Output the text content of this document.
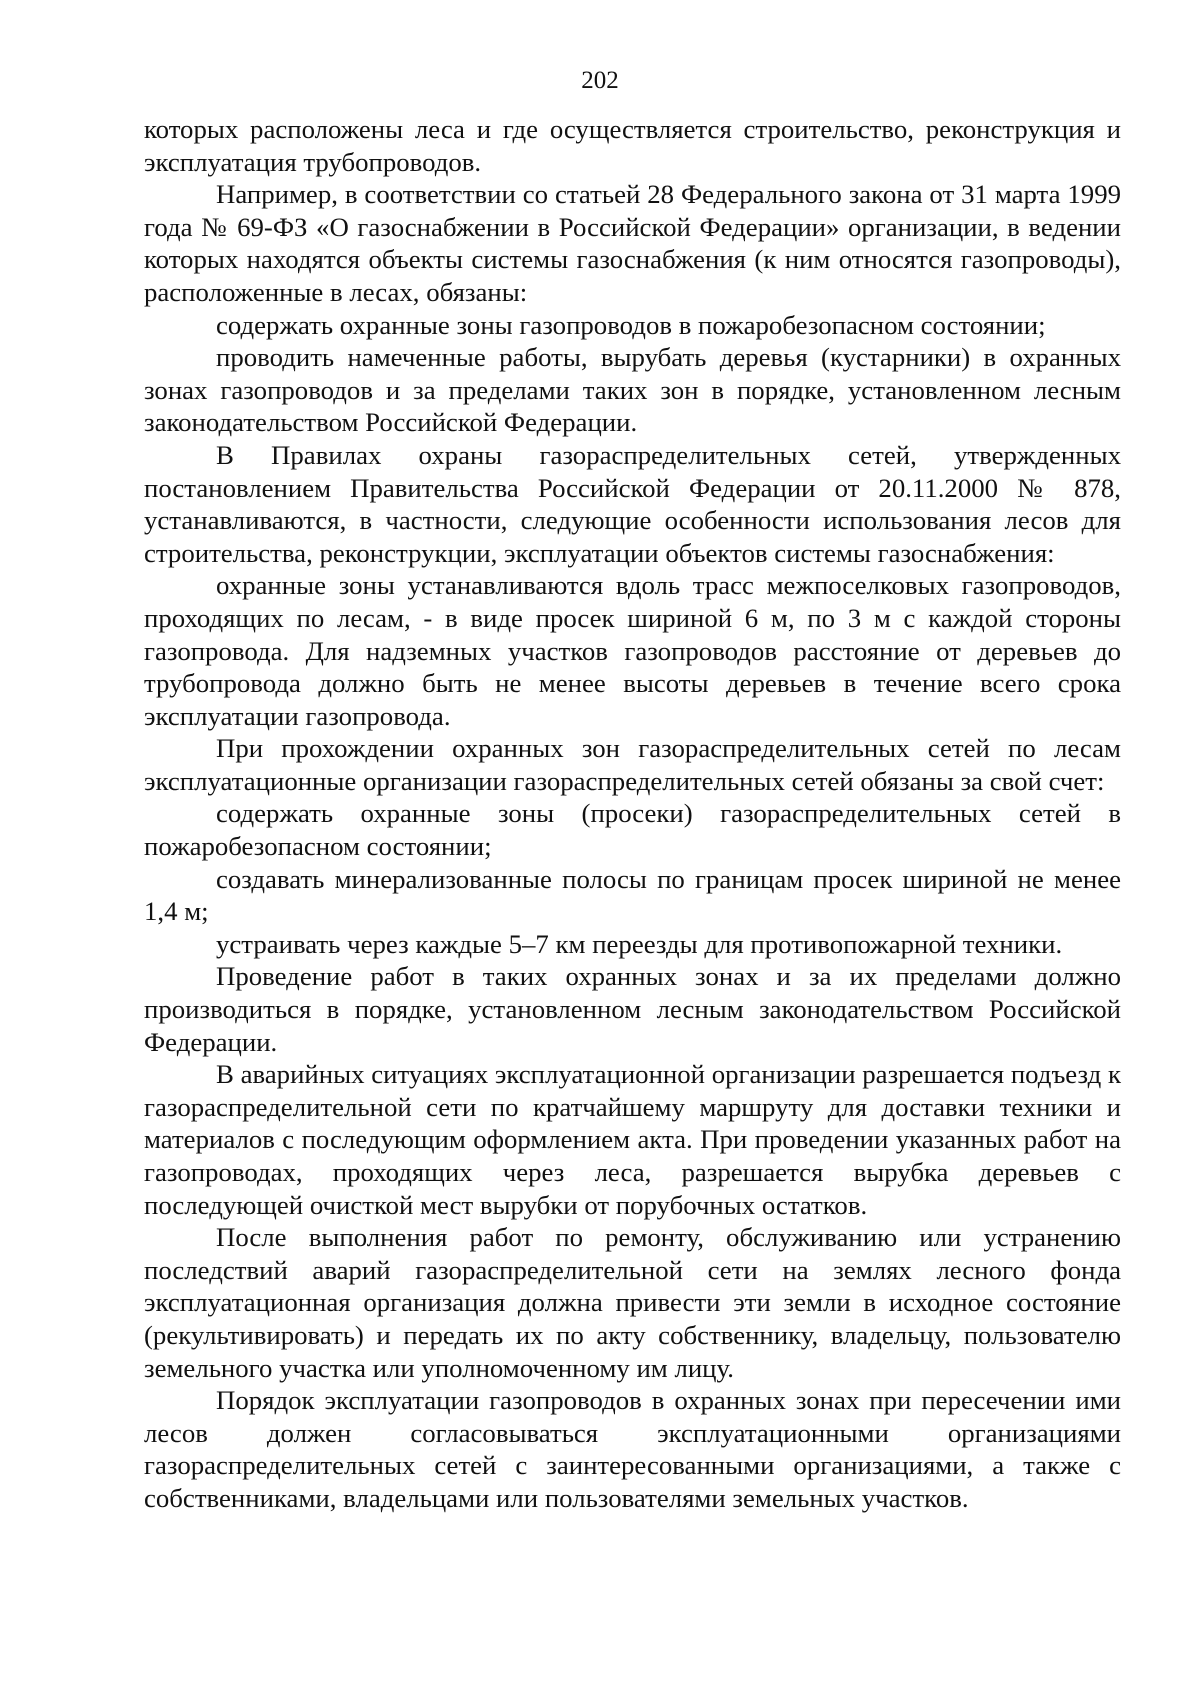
202

которых расположены леса и где осуществляется строительство, реконструкция и эксплуатация трубопроводов.

Например, в соответствии со статьей 28 Федерального закона от 31 марта 1999 года № 69-ФЗ «О газоснабжении в Российской Федерации» организации, в ведении которых находятся объекты системы газоснабжения (к ним относятся газопроводы), расположенные в лесах, обязаны:

содержать охранные зоны газопроводов в пожаробезопасном состоянии;

проводить намеченные работы, вырубать деревья (кустарники) в охранных зонах газопроводов и за пределами таких зон в порядке, установленном лесным законодательством Российской Федерации.

В Правилах охраны газораспределительных сетей, утвержденных постановлением Правительства Российской Федерации от 20.11.2000 № 878, устанавливаются, в частности, следующие особенности использования лесов для строительства, реконструкции, эксплуатации объектов системы газоснабжения:

охранные зоны устанавливаются вдоль трасс межпоселковых газопроводов, проходящих по лесам, - в виде просек шириной 6 м, по 3 м с каждой стороны газопровода. Для надземных участков газопроводов расстояние от деревьев до трубопровода должно быть не менее высоты деревьев в течение всего срока эксплуатации газопровода.

При прохождении охранных зон газораспределительных сетей по лесам эксплуатационные организации газораспределительных сетей обязаны за свой счет:

содержать охранные зоны (просеки) газораспределительных сетей в пожаробезопасном состоянии;

создавать минерализованные полосы по границам просек шириной не менее 1,4 м;

устраивать через каждые 5–7 км переезды для противопожарной техники.

Проведение работ в таких охранных зонах и за их пределами должно производиться в порядке, установленном лесным законодательством Российской Федерации.

В аварийных ситуациях эксплуатационной организации разрешается подъезд к газораспределительной сети по кратчайшему маршруту для доставки техники и материалов с последующим оформлением акта. При проведении указанных работ на газопроводах, проходящих через леса, разрешается вырубка деревьев с последующей очисткой мест вырубки от порубочных остатков.

После выполнения работ по ремонту, обслуживанию или устранению последствий аварий газораспределительной сети на землях лесного фонда эксплуатационная организация должна привести эти земли в исходное состояние (рекультивировать) и передать их по акту собственнику, владельцу, пользователю земельного участка или уполномоченному им лицу.

Порядок эксплуатации газопроводов в охранных зонах при пересечении ими лесов должен согласовываться эксплуатационными организациями газораспределительных сетей с заинтересованными организациями, а также с собственниками, владельцами или пользователями земельных участков.
